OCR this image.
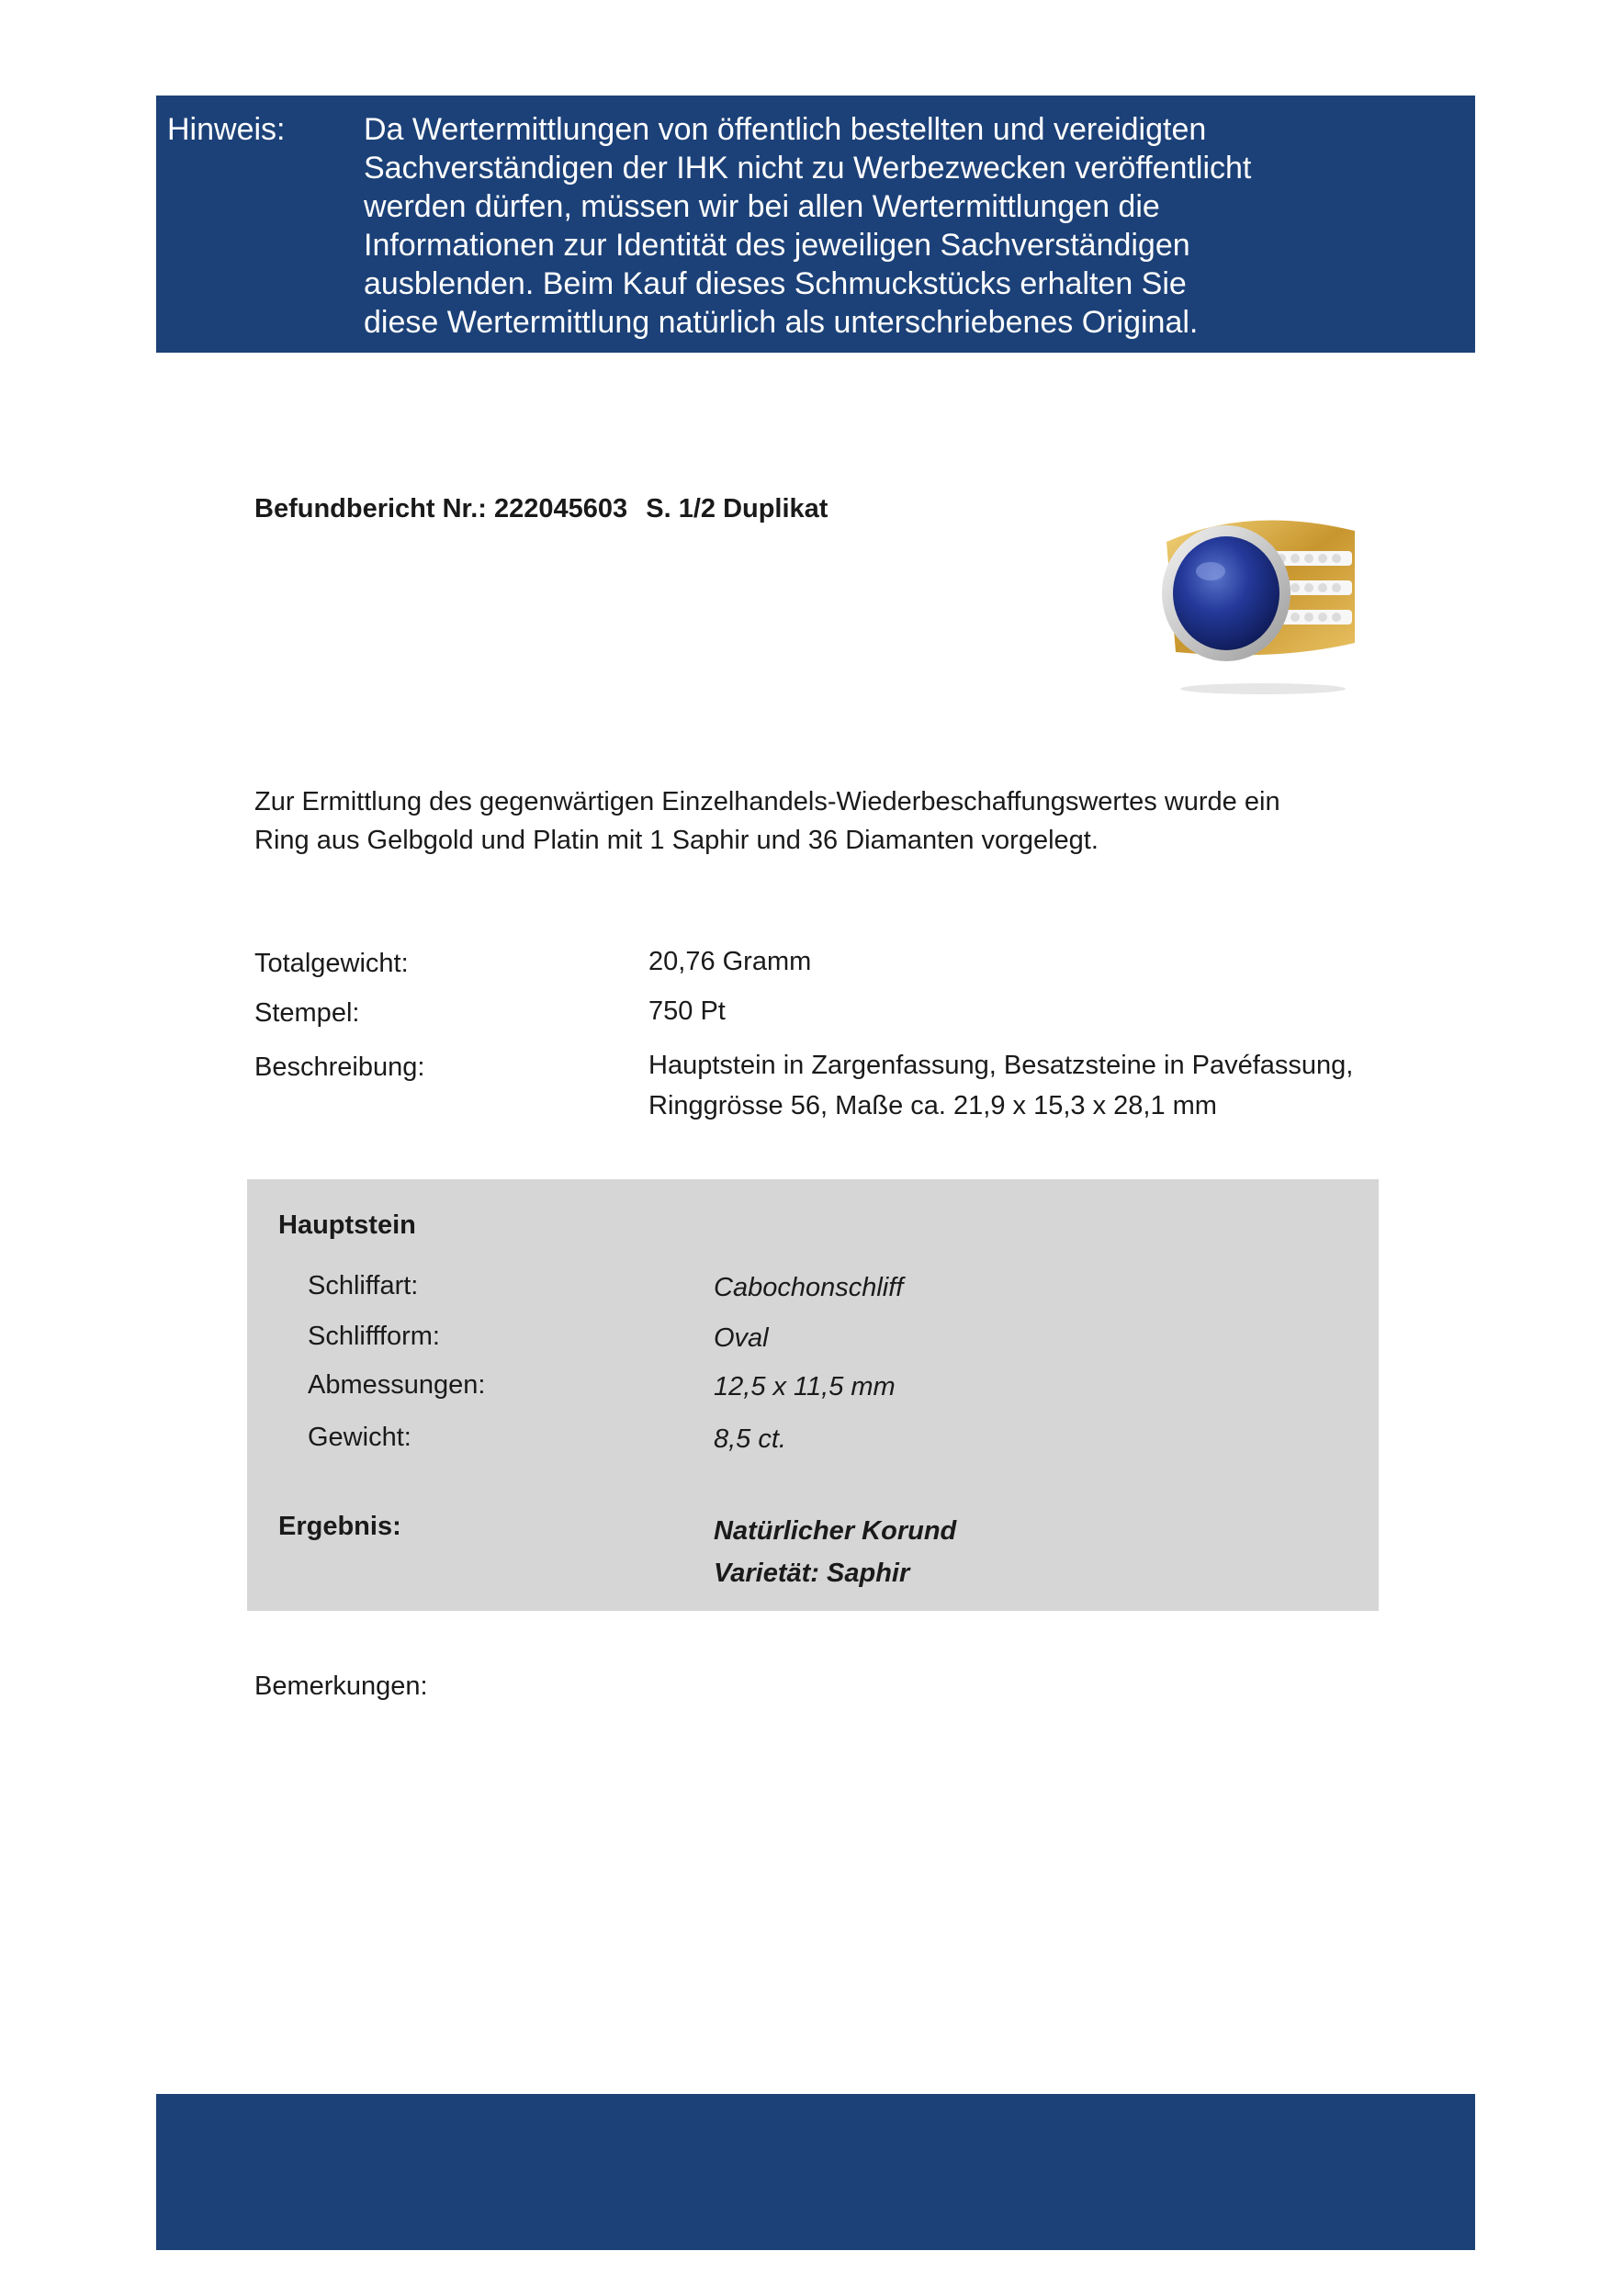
Hinweis:	Da Wertermittlungen von öffentlich bestellten und vereidigten
Sachverständigen der IHK nicht zu Werbezwecken veröffentlicht
werden dürfen, müssen wir bei allen Wertermittlungen die
Informationen zur Identität des jeweiligen Sachverständigen
ausblenden. Beim Kauf dieses Schmuckstücks erhalten Sie
diese Wertermittlung natürlich als unterschriebenes Original.
Befundbericht Nr.: 222045603 S. 1/2 Duplikat
Zur Ermittlung des gegenwärtigen Einzelhandels-Wiederbeschaffungswertes wurde ein
Ring aus Gelbgold und Platin mit 1 Saphir und 36 Diamanten vorgelegt.
Totalgewicht:	20,76 Gramm
Stempel:	750 Pt
Beschreibung:	Hauptstein in Zargenfassung, Besatzsteine in Pavéfassung,
Ringgrösse 56, Maße ca. 21,9 x 15,3 x 28,1 mm
Hauptstein
Schliffart:	Cabochonschliff
Schliffform:	Oval
Abmessungen:	12,5 x 11,5 mm
Gewicht:	8,5 ct.
Ergebnis:	Natürlicher Korund
Varietät: Saphir
Bemerkungen:
